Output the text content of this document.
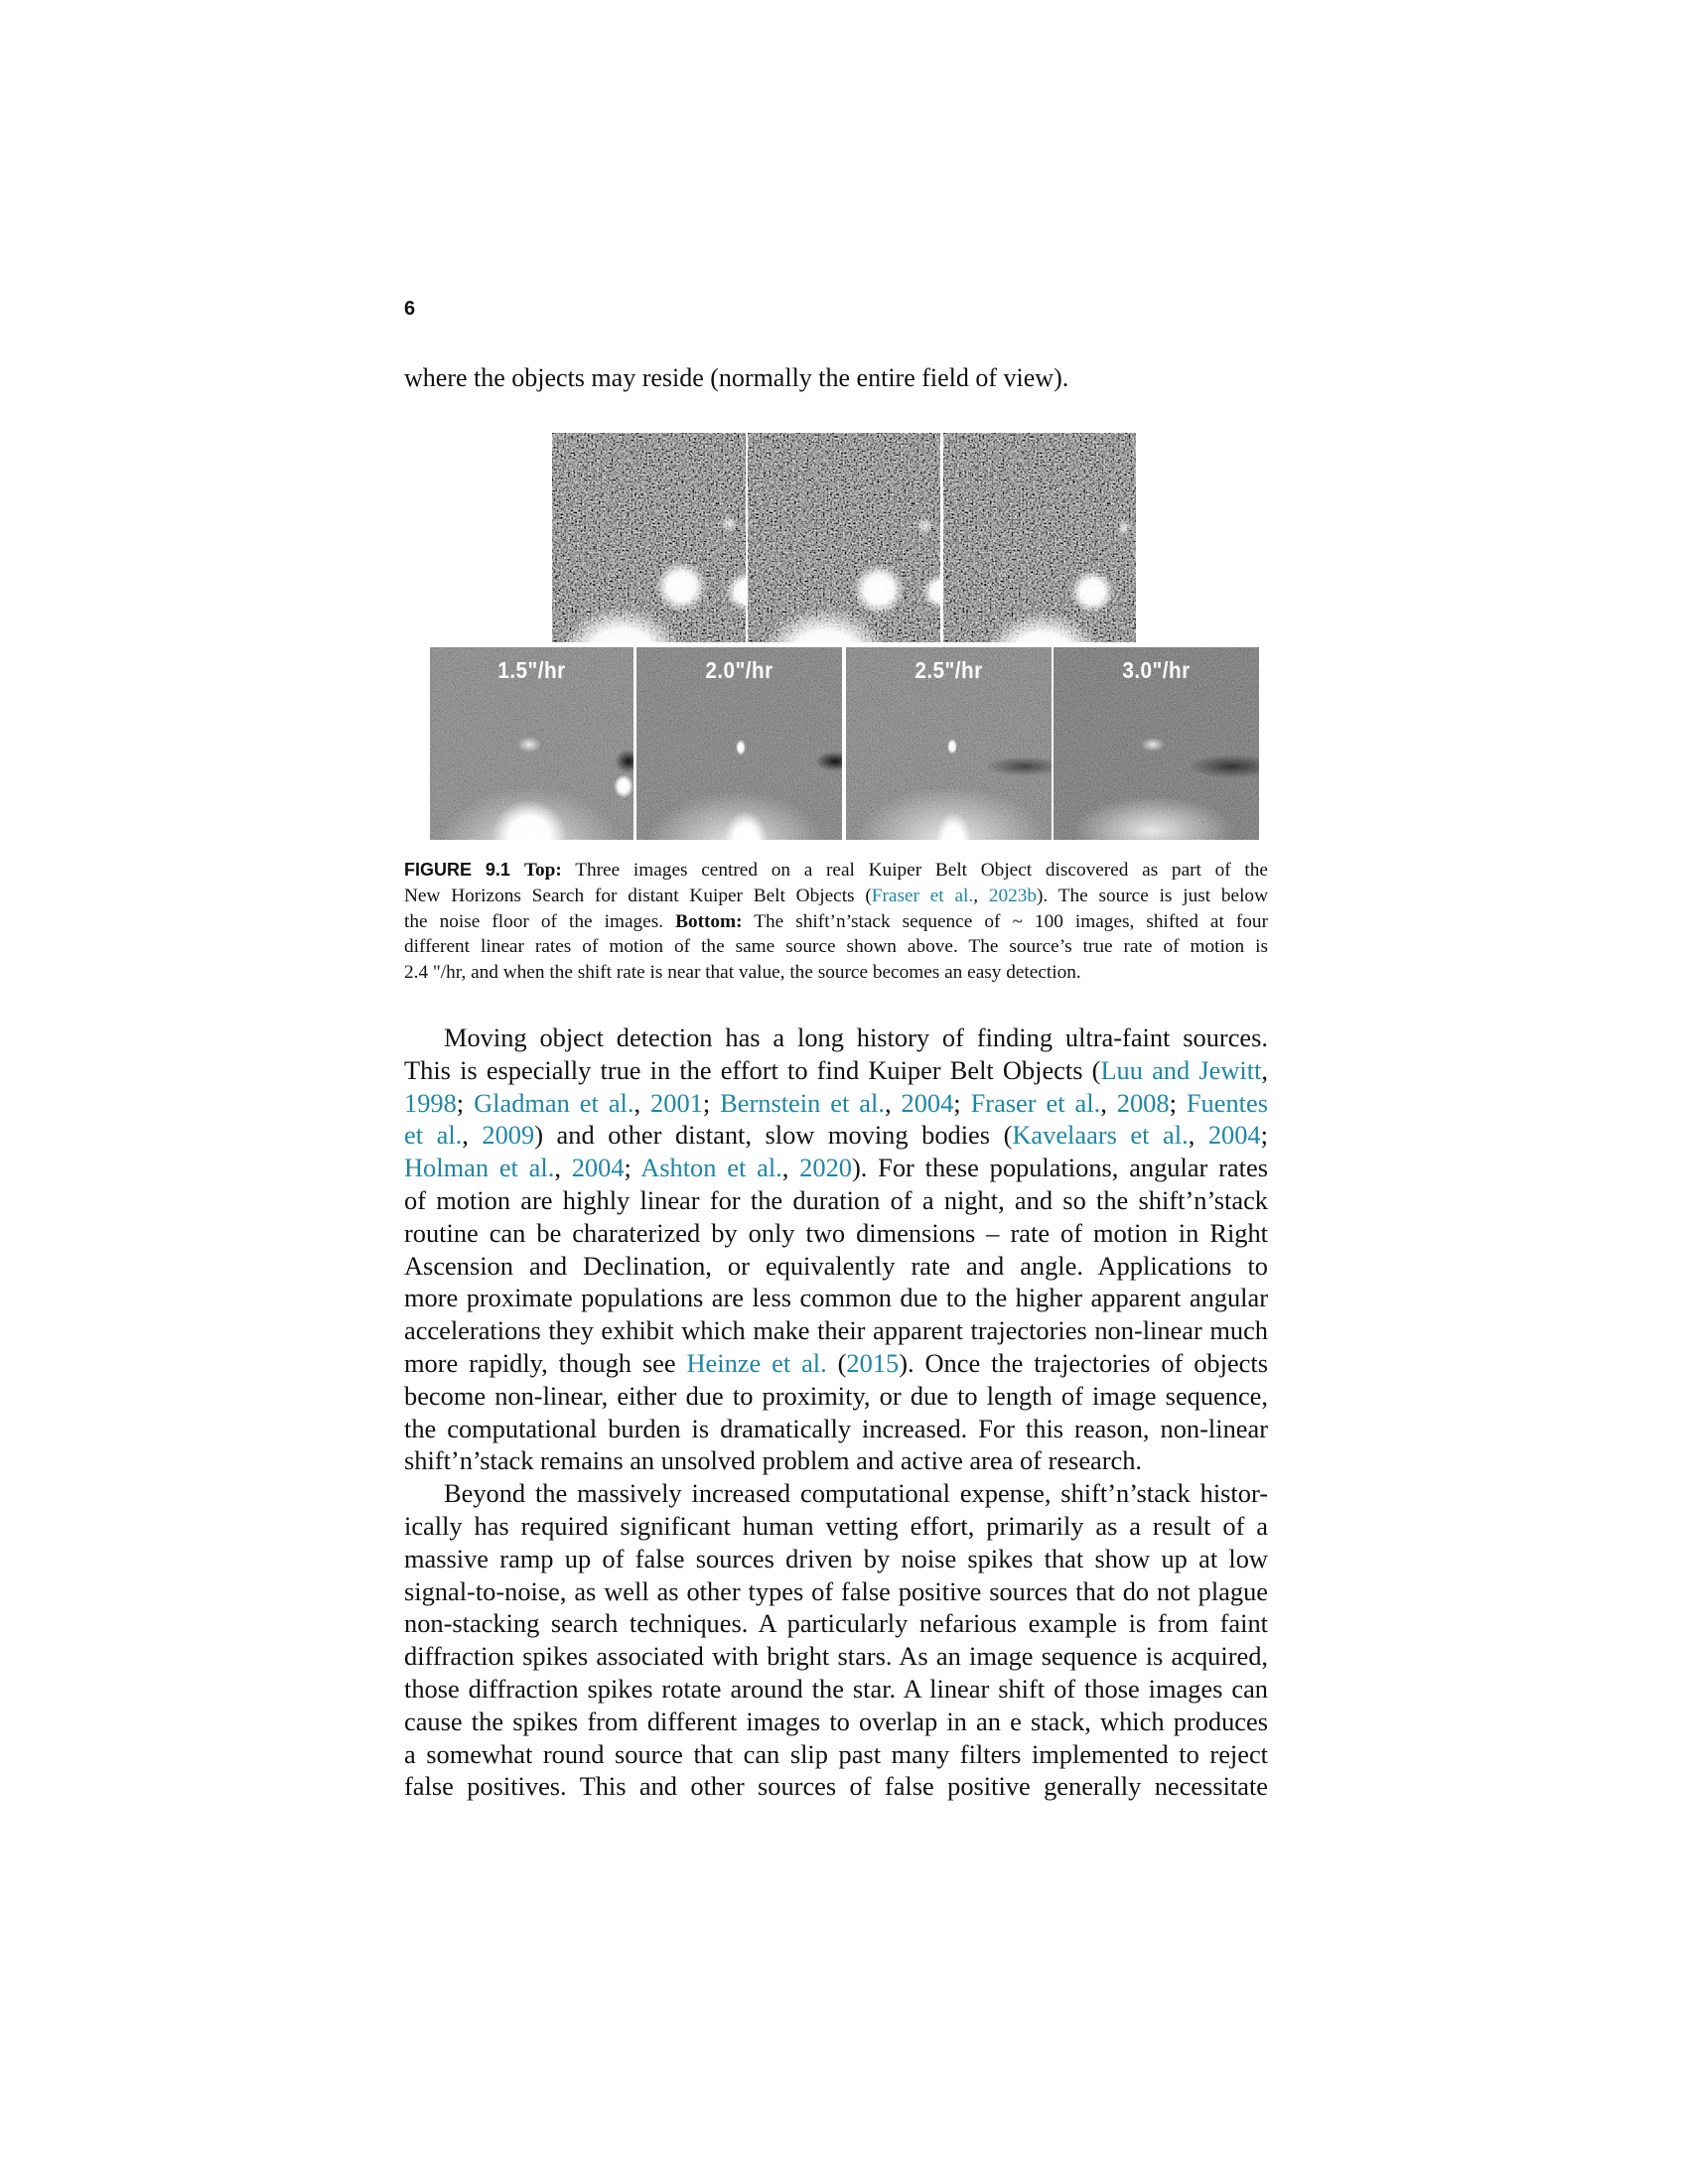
6
where the objects may reside (normally the entire field of view).
1.5"/hr	2.0"/hr	2.5"/hr	3.0"/hr
FIGURE 9.1 Top: Three images centred on a real Kuiper Belt Object discovered as part of the
New Horizons Search for distant Kuiper Belt Objects (Fraser et al., 2023b). The source is just below
the noise floor of the images. Bottom: The shift’n’stack sequence of ~ 100 images, shifted at four
different linear rates of motion of the same source shown above. The source’s true rate of motion is
2.4 "/hr, and when the shift rate is near that value, the source becomes an easy detection.
Moving object detection has a long history of finding ultra-faint sources.
This is especially true in the effort to find Kuiper Belt Objects (Luu and Jewitt,
1998; Gladman et al., 2001; Bernstein et al., 2004; Fraser et al., 2008; Fuentes
et al., 2009) and other distant, slow moving bodies (Kavelaars et al., 2004;
Holman et al., 2004; Ashton et al., 2020). For these populations, angular rates
of motion are highly linear for the duration of a night, and so the shift’n’stack
routine can be charaterized by only two dimensions – rate of motion in Right
Ascension and Declination, or equivalently rate and angle. Applications to
more proximate populations are less common due to the higher apparent angular
accelerations they exhibit which make their apparent trajectories non-linear much
more rapidly, though see Heinze et al. (2015). Once the trajectories of objects
become non-linear, either due to proximity, or due to length of image sequence,
the computational burden is dramatically increased. For this reason, non-linear
shift’n’stack remains an unsolved problem and active area of research.
Beyond the massively increased computational expense, shift’n’stack histor-
ically has required significant human vetting effort, primarily as a result of a
massive ramp up of false sources driven by noise spikes that show up at low
signal-to-noise, as well as other types of false positive sources that do not plague
non-stacking search techniques. A particularly nefarious example is from faint
diffraction spikes associated with bright stars. As an image sequence is acquired,
those diffraction spikes rotate around the star. A linear shift of those images can
cause the spikes from different images to overlap in an e stack, which produces
a somewhat round source that can slip past many filters implemented to reject
false positives. This and other sources of false positive generally necessitate
